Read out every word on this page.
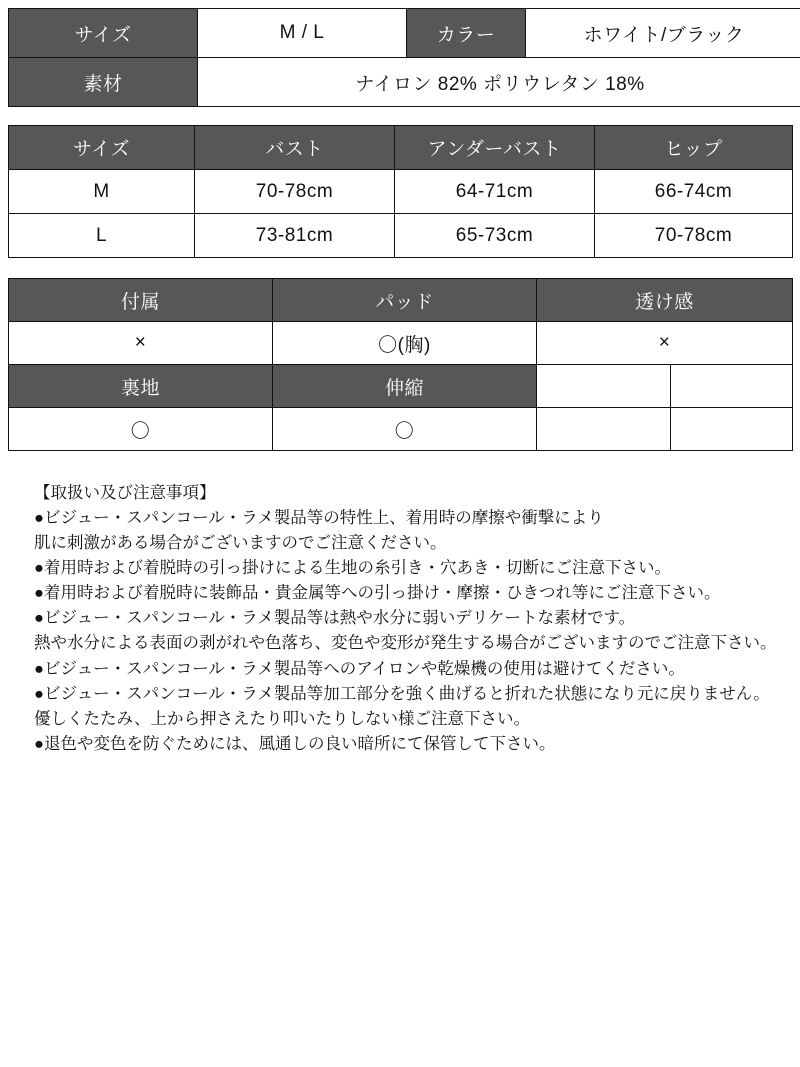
サイズ	M / L	カラー	ホワイト/ブラック
素材	ナイロン 82% ポリウレタン 18%		
サイズ	バスト	アンダーバスト	ヒップ
M	70-78cm	64-71cm	66-74cm
L	73-81cm	65-73cm	70-78cm
付属	パッド	透け感	
×	〇(胸)	×	
裏地	伸縮		
〇	〇		
【取扱い及び注意事項】
●ビジュー・スパンコール・ラメ製品等の特性上、着用時の摩擦や衝撃により
肌に刺激がある場合がございますのでご注意ください。
●着用時および着脱時の引っ掛けによる生地の糸引き・穴あき・切断にご注意下さい。
●着用時および着脱時に装飾品・貴金属等への引っ掛け・摩擦・ひきつれ等にご注意下さい。
●ビジュー・スパンコール・ラメ製品等は熱や水分に弱いデリケートな素材です。
熱や水分による表面の剥がれや色落ち、変色や変形が発生する場合がございますのでご注意下さい。
●ビジュー・スパンコール・ラメ製品等へのアイロンや乾燥機の使用は避けてください。
●ビジュー・スパンコール・ラメ製品等加工部分を強く曲げると折れた状態になり元に戻りません。
優しくたたみ、上から押さえたり叩いたりしない様ご注意下さい。
●退色や変色を防ぐためには、風通しの良い暗所にて保管して下さい。
